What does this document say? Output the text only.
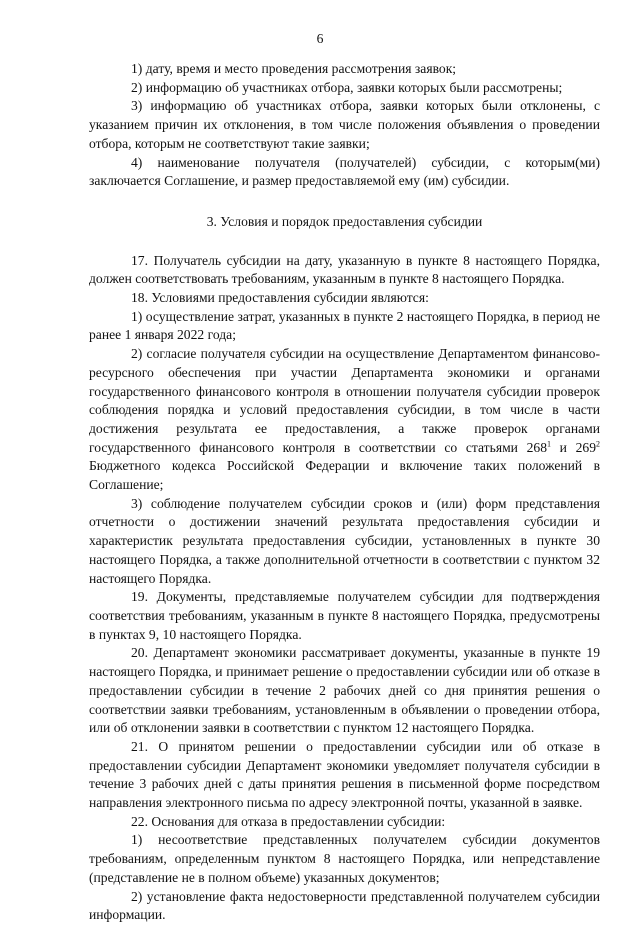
6

1) дату, время и место проведения рассмотрения заявок;

2) информацию об участниках отбора, заявки которых были рассмотрены;

3) информацию об участниках отбора, заявки которых были отклонены, с указанием причин их отклонения, в том числе положения объявления о проведении отбора, которым не соответствуют такие заявки;

4) наименование получателя (получателей) субсидии, с которым(ми) заключается Соглашение, и размер предоставляемой ему (им) субсидии.

3. Условия и порядок предоставления субсидии

17. Получатель субсидии на дату, указанную в пункте 8 настоящего Порядка, должен соответствовать требованиям, указанным в пункте 8 настоящего Порядка.

18. Условиями предоставления субсидии являются:

1) осуществление затрат, указанных в пункте 2 настоящего Порядка, в период не ранее 1 января 2022 года;

2) согласие получателя субсидии на осуществление Департаментом финансово-ресурсного обеспечения при участии Департамента экономики и органами государственного финансового контроля в отношении получателя субсидии проверок соблюдения порядка и условий предоставления субсидии, в том числе в части достижения результата ее предоставления, а также проверок органами государственного финансового контроля в соответствии со статьями $268^1$ и $269^2$ Бюджетного кодекса Российской Федерации и включение таких положений в Соглашение;

3) соблюдение получателем субсидии сроков и (или) форм представления отчетности о достижении значений результата предоставления субсидии и характеристик результата предоставления субсидии, установленных в пункте 30 настоящего Порядка, а также дополнительной отчетности в соответствии с пунктом 32 настоящего Порядка.

19. Документы, представляемые получателем субсидии для подтверждения соответствия требованиям, указанным в пункте 8 настоящего Порядка, предусмотрены в пунктах 9, 10 настоящего Порядка.

20. Департамент экономики рассматривает документы, указанные в пункте 19 настоящего Порядка, и принимает решение о предоставлении субсидии или об отказе в предоставлении субсидии в течение 2 рабочих дней со дня принятия решения о соответствии заявки требованиям, установленным в объявлении о проведении отбора, или об отклонении заявки в соответствии с пунктом 12 настоящего Порядка.

21. О принятом решении о предоставлении субсидии или об отказе в предоставлении субсидии Департамент экономики уведомляет получателя субсидии в течение 3 рабочих дней с даты принятия решения в письменной форме посредством направления электронного письма по адресу электронной почты, указанной в заявке.

22. Основания для отказа в предоставлении субсидии:

1) несоответствие представленных получателем субсидии документов требованиям, определенным пунктом 8 настоящего Порядка, или непредставление (представление не в полном объеме) указанных документов;

2) установление факта недостоверности представленной получателем субсидии информации.
